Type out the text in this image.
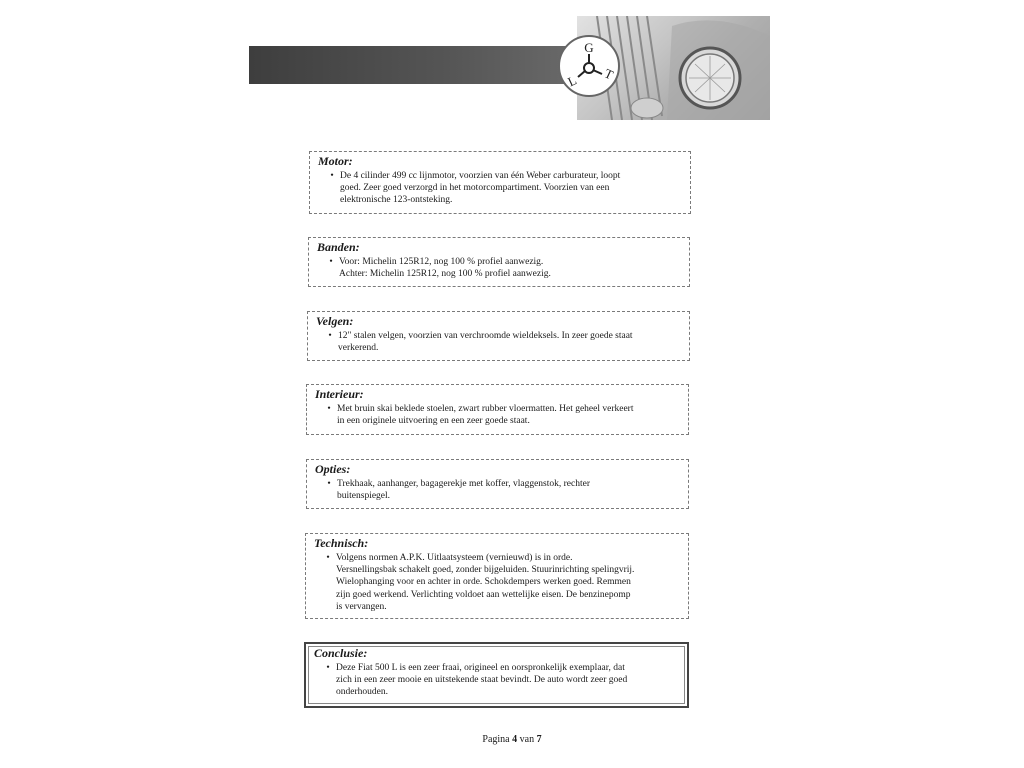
G
O T
L
Motor:
• De 4 cilinder 499 cc lijnmotor, voorzien van één Weber carburateur, loopt
goed. Zeer goed verzorgd in het motorcompartiment. Voorzien van een
elektronische 123-ontsteking.
Banden:
• Voor: Michelin 125R12, nog 100 % profiel aanwezig.
Achter: Michelin 125R12, nog 100 % profiel aanwezig.
Velgen:
• 12" stalen velgen, voorzien van verchroomde wieldeksels. In zeer goede staat
verkerend.
Interieur:
• Met bruin skai beklede stoelen, zwart rubber vloermatten. Het geheel verkeert
in een originele uitvoering en een zeer goede staat.
Opties:
• Trekhaak, aanhanger, bagagerekje met koffer, vlaggenstok, rechter
buitenspiegel.
Technisch:
• Volgens normen A.P.K. Uitlaatsysteem (vernieuwd) is in orde.
Versnellingsbak schakelt goed, zonder bijgeluiden. Stuurinrichting spelingvrij.
Wielophanging voor en achter in orde. Schokdempers werken goed. Remmen
zijn goed werkend. Verlichting voldoet aan wettelijke eisen. De benzinepomp
is vervangen.
Conclusie:
• Deze Fiat 500 L is een zeer fraai, origineel en oorspronkelijk exemplaar, dat
zich in een zeer mooie en uitstekende staat bevindt. De auto wordt zeer goed
onderhouden.
Pagina 4 van 7
